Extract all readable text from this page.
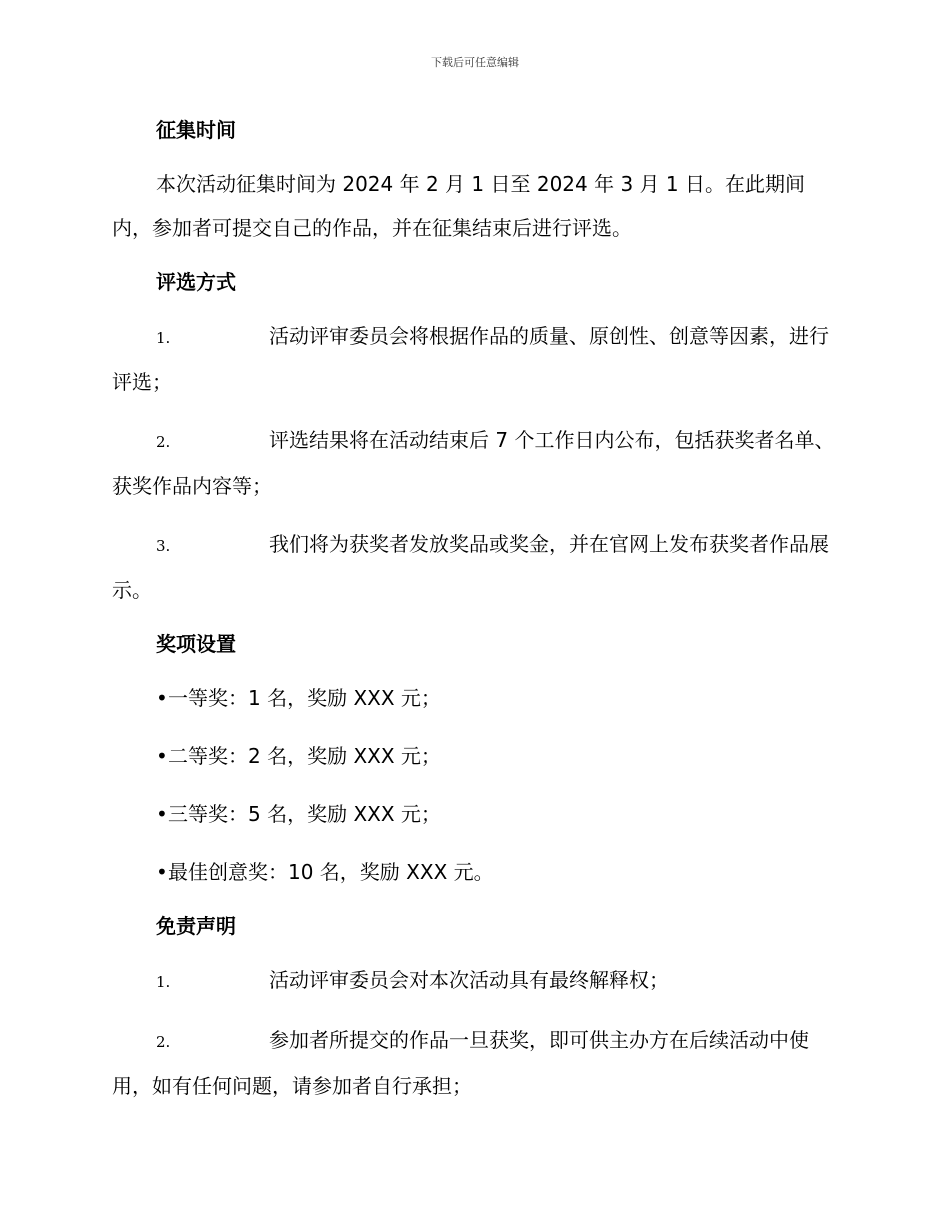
下载后可任意编辑
征集时间

本次活动征集时间为 2024 年 2 月 1 日至 2024 年 3 月 1 日。在此期间内，参加者可提交自己的作品，并在征集结束后进行评选。

评选方式

1.	活动评审委员会将根据作品的质量、原创性、创意等因素，进行评选；

2.	评选结果将在活动结束后 7 个工作日内公布，包括获奖者名单、获奖作品内容等；

3.	我们将为获奖者发放奖品或奖金，并在官网上发布获奖者作品展示。

奖项设置

•一等奖：1 名，奖励 XXX 元；

•二等奖：2 名，奖励 XXX 元；

•三等奖：5 名，奖励 XXX 元；

•最佳创意奖：10 名，奖励 XXX 元。

免责声明

1.	活动评审委员会对本次活动具有最终解释权；

2.	参加者所提交的作品一旦获奖，即可供主办方在后续活动中使用，如有任何问题，请参加者自行承担；
